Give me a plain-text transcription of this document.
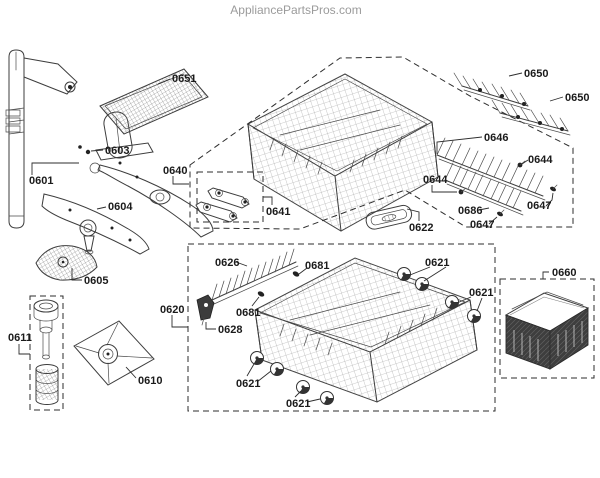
AppliancePartsPros.com
0651
0601
0603
0604
0605
0611
0610
0620
0640
0641
0622
0650
0650
0646
0644
0644
0686	0647
0647
0626	0681
0681
0628
0621
0621
0621
0621
0660
